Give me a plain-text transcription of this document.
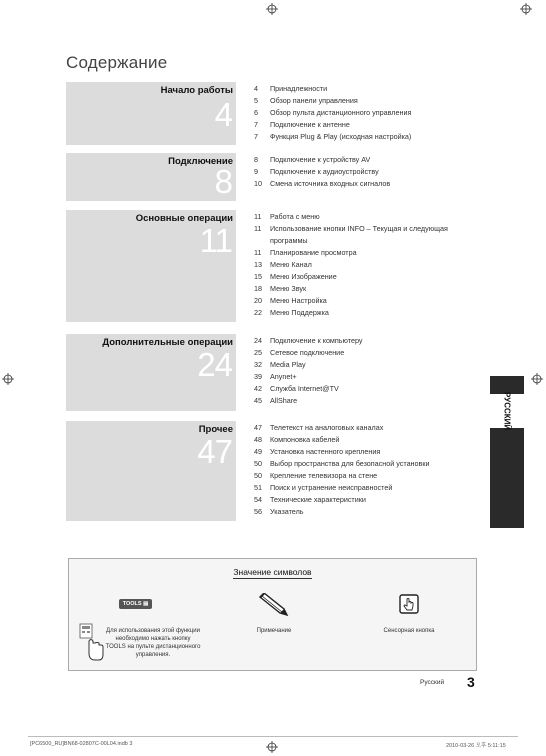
Содержание
Начало работы
4
4	Принадлежности
5	Обзор панели управления
6	Обзор пульта дистанционного управления
7	Подключение к антенне
7	Функция Plug & Play (исходная настройка)
Подключение
8
8	Подключение к устройству AV
9	Подключение к аудиоустройству
10	Смена источника входных сигналов
Основные операции
11
11	Работа с меню
11	Использование кнопки INFO – Текущая и следующая
программы
11	Планирование просмотра
13	Меню Канал
15	Меню Изображение
18	Меню Звук
20	Меню Настройка
22	Меню Поддержка
Дополнительные операции
24
24	Подключение к компьютеру
25	Сетевое подключение
32	Media Play
39	Anynet+
42	Служба Internet@TV
45	AllShare
Прочее
47
47	Телетекст на аналоговых каналах
48	Компоновка кабелей
49	Установка настенного крепления
50	Выбор пространства для безопасной установки
50	Крепление телевизора на стене
51	Поиск и устранение неисправностей
54	Технические характеристики
56	Указатель
РУССКИЙ
Значение символов
TOOLS ▤
Для использования этой функции
необходимо нажать кнопку
TOOLS на пульте дистанционного
управления.
Примечание	Сенсорная кнопка
Русский 3
[PC6500_RU]BN68-02807C-00L04.indb 3	2010-03-26 오후 5:11:15
